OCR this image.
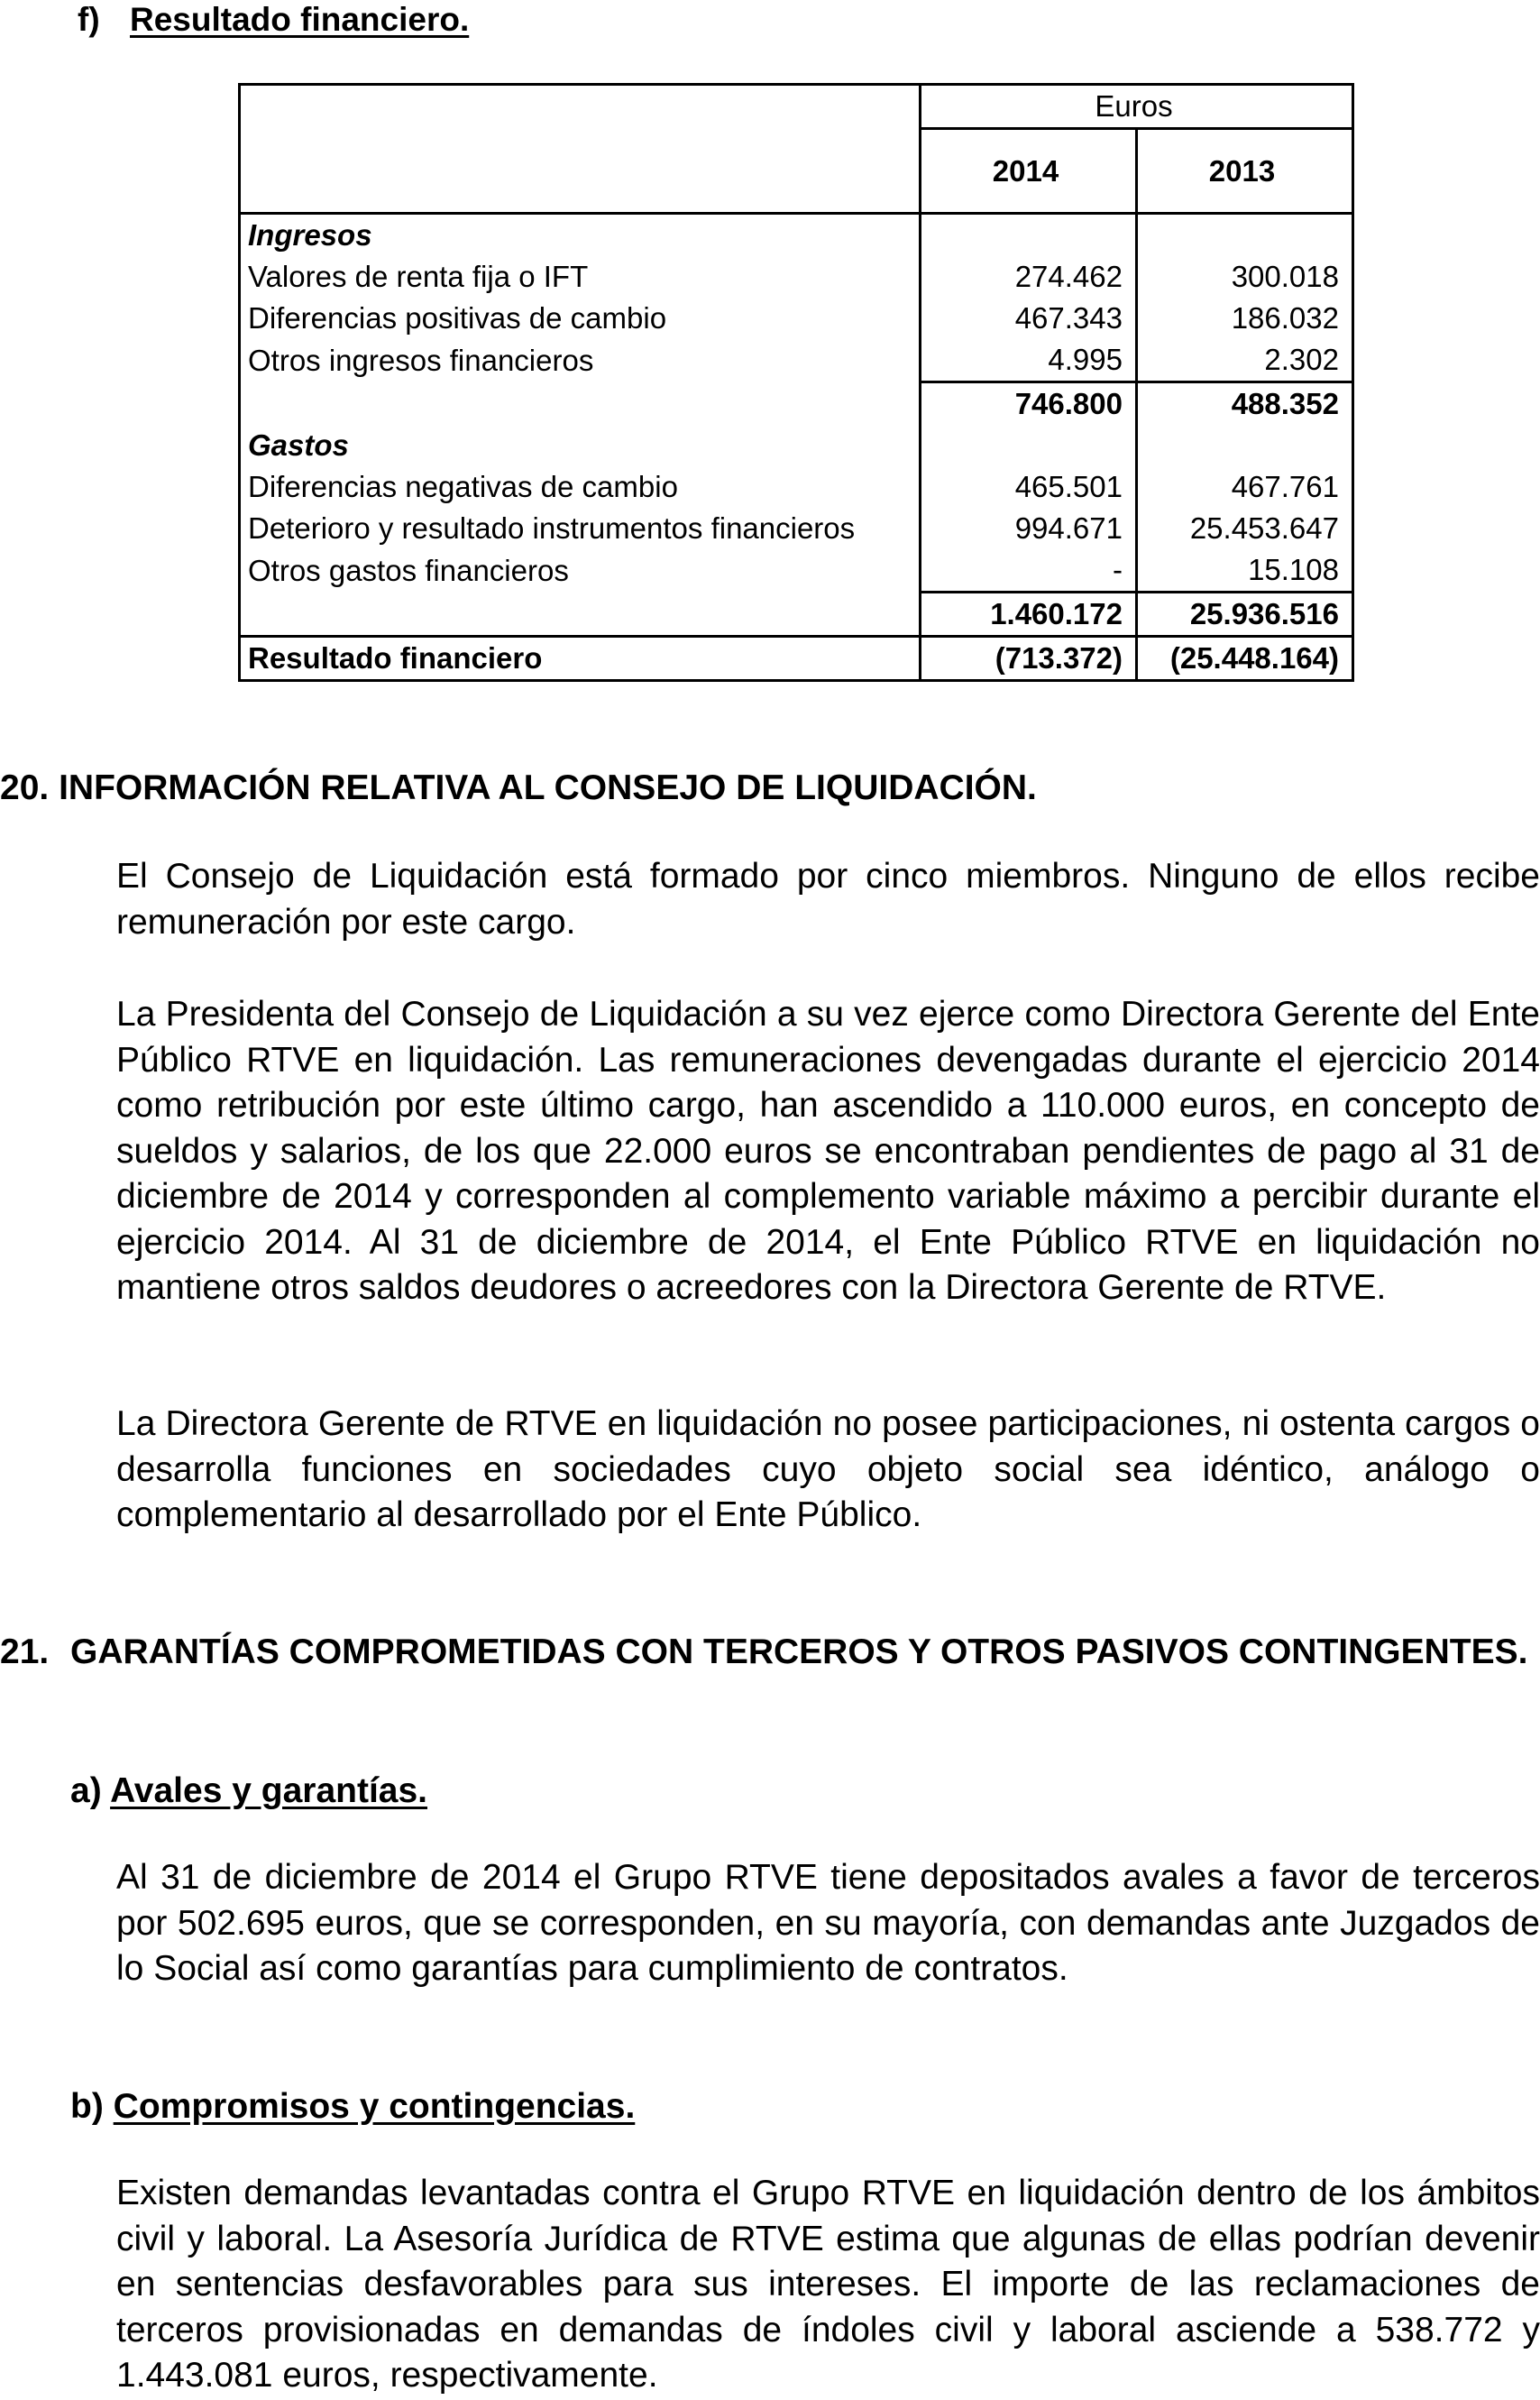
f) Resultado financiero.
	Euros	
	2014	2013
Ingresos		
Valores de renta fija o IFT	274.462	300.018
Diferencias positivas de cambio	467.343	186.032
Otros ingresos financieros	4.995	2.302
	746.800	488.352
Gastos		
Diferencias negativas de cambio	465.501	467.761
Deterioro y resultado instrumentos financieros	994.671	25.453.647
Otros gastos financieros	-	15.108
	1.460.172	25.936.516
Resultado financiero	(713.372)	(25.448.164)
20. INFORMACIÓN RELATIVA AL CONSEJO DE LIQUIDACIÓN.
El Consejo de Liquidación está formado por cinco miembros. Ninguno de ellos recibe remuneración por este cargo.
La Presidenta del Consejo de Liquidación a su vez ejerce como Directora Gerente del Ente Público RTVE en liquidación. Las remuneraciones devengadas durante el ejercicio 2014 como retribución por este último cargo, han ascendido a 110.000 euros, en concepto de sueldos y salarios, de los que 22.000 euros se encontraban pendientes de pago al 31 de diciembre de 2014 y corresponden al complemento variable máximo a percibir durante el ejercicio 2014. Al 31 de diciembre de 2014, el Ente Público RTVE en liquidación no mantiene otros saldos deudores o acreedores con la Directora Gerente de RTVE.
La Directora Gerente de RTVE en liquidación no posee participaciones, ni ostenta cargos o desarrolla funciones en sociedades cuyo objeto social sea idéntico, análogo o complementario al desarrollado por el Ente Público.
21. GARANTÍAS COMPROMETIDAS CON TERCEROS Y OTROS PASIVOS CONTINGENTES.
a) Avales y garantías.
Al 31 de diciembre de 2014 el Grupo RTVE tiene depositados avales a favor de terceros por 502.695 euros, que se corresponden, en su mayoría, con demandas ante Juzgados de lo Social así como garantías para cumplimiento de contratos.
b) Compromisos y contingencias.
Existen demandas levantadas contra el Grupo RTVE en liquidación dentro de los ámbitos civil y laboral. La Asesoría Jurídica de RTVE estima que algunas de ellas podrían devenir en sentencias desfavorables para sus intereses. El importe de las reclamaciones de terceros provisionadas en demandas de índoles civil y laboral asciende a 538.772 y 1.443.081 euros, respectivamente.
